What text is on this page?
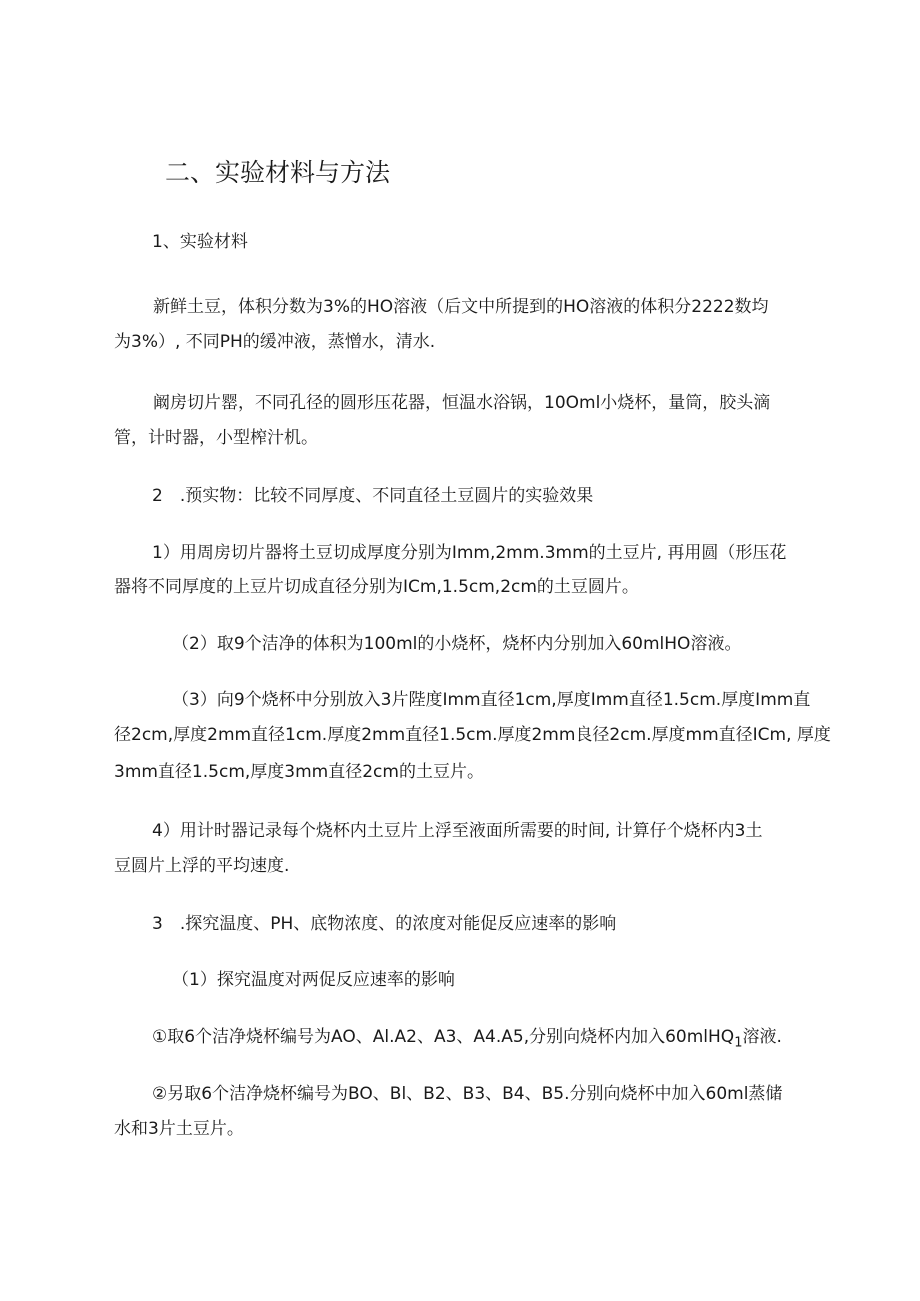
二、实验材料与方法
1、实验材料
新鲜土豆，体积分数为3%的HO溶液（后文中所提到的HO溶液的体积分2222数均
为3%）, 不同PH的缓冲液，蒸憎水，清水.
阚房切片罂，不同孔径的圆形压花器，恒温水浴锅，10Oml小烧杯，量筒，胶头滴
管，计时器，小型榨汁机。
2　.预实物：比较不同厚度、不同直径土豆圆片的实验效果
1）用周房切片器将土豆切成厚度分别为Imm,2mm.3mm的土豆片, 再用圆（形压花
器将不同厚度的上豆片切成直径分别为ICm,1.5cm,2cm的土豆圆片。
（2）取9个洁净的体积为100ml的小烧杯，烧杯内分别加入60mlHO溶液。
（3）向9个烧杯中分别放入3片陛度Imm直径1cm,厚度Imm直径1.5cm.厚度Imm直
径2cm,厚度2mm直径1cm.厚度2mm直径1.5cm.厚度2mm良径2cm.厚度mm直径ICm, 厚度
3mm直径1.5cm,厚度3mm直径2cm的土豆片。
4）用计时器记录每个烧杯内土豆片上浮至液面所需要的时间, 计算仔个烧杯内3土
豆圆片上浮的平均速度.
3　.探究温度、PH、底物浓度、的浓度对能促反应速率的影响
（1）探究温度对两促反应速率的影响
①取6个洁净烧杯编号为AO、Al.A2、A3、A4.A5,分别向烧杯内加入60mlHQ$_1$溶液.
②另取6个洁净烧杯编号为BO、Bl、B2、B3、B4、B5.分别向烧杯中加入60ml蒸储
水和3片土豆片。
